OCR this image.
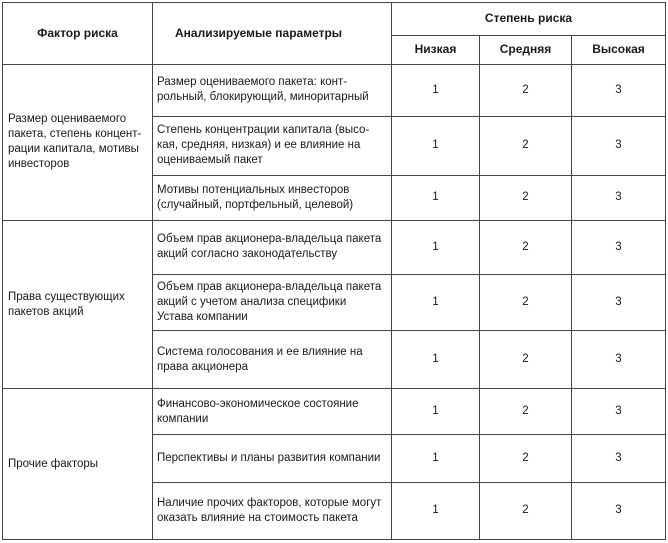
Фактор риска	Анализируемые параметры	Степень риска		
		Низкая	Средняя	Высокая
Размер оцениваемого пакета, степень концентрации капитала, мотивы инвесторов	Размер оцениваемого пакета: контрольный, блокирующий, миноритарный	1	2	3
	Степень концентрации капитала (высокая, средняя, низкая) и ее влияние на оцениваемый пакет	1	2	3
	Мотивы потенциальных инвесторов (случайный, портфельный, целевой)	1	2	3
Права существующих пакетов акций	Объем прав акционера-владельца пакета акций согласно законодательству	1	2	3
	Объем прав акционера-владельца пакета акций с учетом анализа специфики Устава компании	1	2	3
	Система голосования и ее влияние на права акционера	1	2	3
Прочие факторы	Финансово-экономическое состояние компании	1	2	3
	Перспективы и планы развития компании	1	2	3
	Наличие прочих факторов, которые могут оказать влияние на стоимость пакета	1	2	3
